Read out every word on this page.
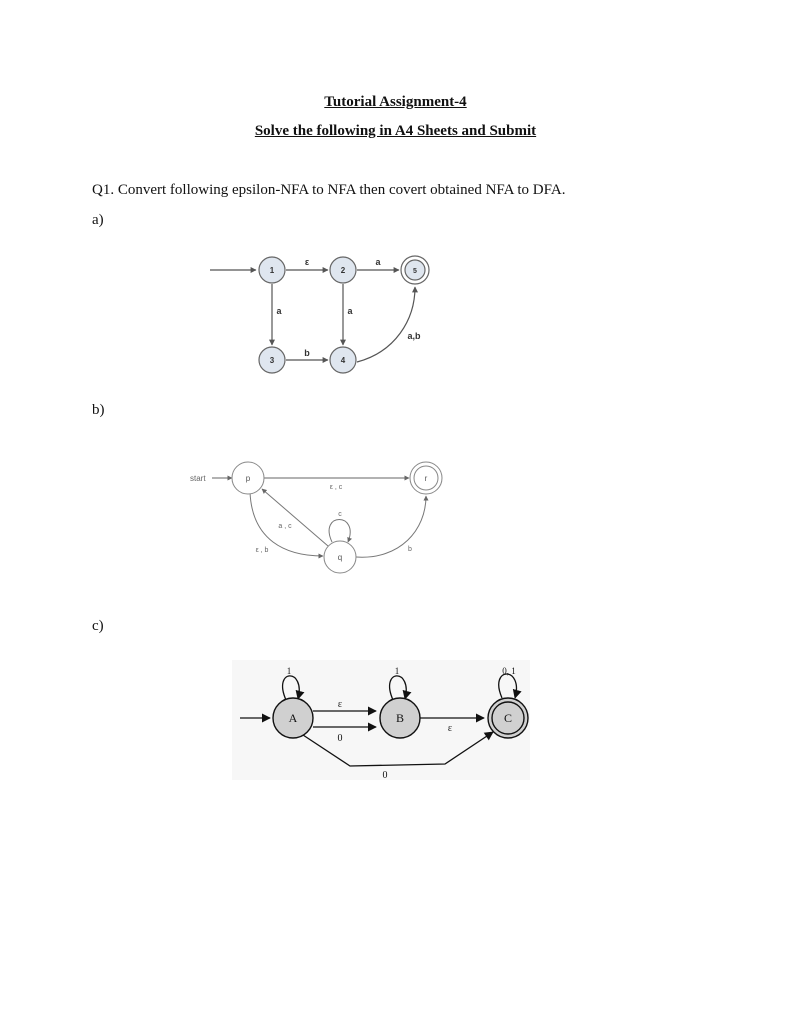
Tutorial Assignment-4
Solve the following in A4 Sheets and Submit
Q1. Convert following epsilon-NFA to NFA then covert obtained NFA to DFA.
a)
b)
c)
1	2
3	4
5
ε	a
a	a
b
a,b
start	p
q
r
ε , c
ε , b
a , c
c
b
A	B	C
1	1	0, 1
ε
0
ε
0
